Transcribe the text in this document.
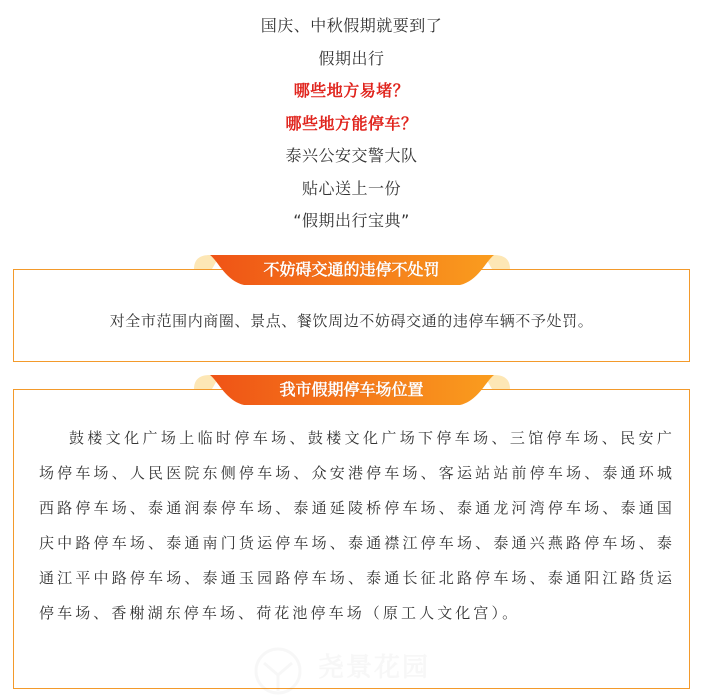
国庆、中秋假期就要到了
假期出行
哪些地方易堵？
哪些地方能停车？
泰兴公安交警大队
贴心送上一份
“假期出行宝典”
对全市范围内商圈、景点、餐饮周边不妨碍交通的违停车辆不予处罚。
不妨碍交通的违停不处罚
鼓楼文化广场上临时停车场、鼓楼文化广场下停车场、三馆停车场、民安广场停车场、人民医院东侧停车场、众安港停车场、客运站站前停车场、泰通环城西路停车场、泰通润泰停车场、泰通延陵桥停车场、泰通龙河湾停车场、泰通国庆中路停车场、泰通南门货运停车场、泰通襟江停车场、泰通兴燕路停车场、泰通江平中路停车场、泰通玉园路停车场、泰通长征北路停车场、泰通阳江路货运停车场、香榭湖东停车场、荷花池停车场（原工人文化宫）。
我市假期停车场位置
